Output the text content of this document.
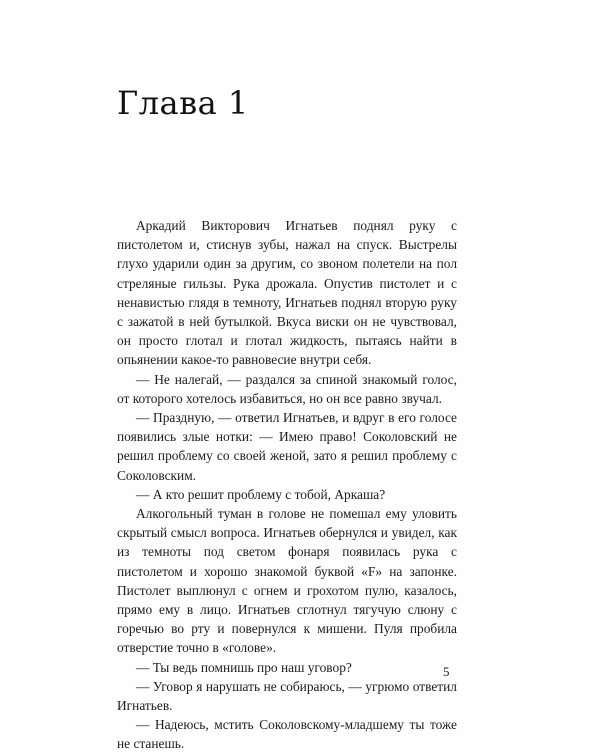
Глава 1

Аркадий Викторович Игнатьев поднял руку с пистолетом и, стиснув зубы, нажал на спуск. Выстрелы глухо ударили один за другим, со звоном полетели на пол стреляные гильзы. Рука дрожала. Опустив пистолет и с ненавистью глядя в темноту, Игнатьев поднял вторую руку с зажатой в ней бутылкой. Вкуса виски он не чувствовал, он просто глотал и глотал жидкость, пытаясь найти в опьянении какое-то равновесие внутри себя.

— Не налегай, — раздался за спиной знакомый голос, от которого хотелось избавиться, но он все равно звучал.

— Праздную, — ответил Игнатьев, и вдруг в его голосе появились злые нотки: — Имею право! Соколовский не решил проблему со своей женой, зато я решил проблему с Соколовским.

— А кто решит проблему с тобой, Аркаша?

Алкогольный туман в голове не помешал ему уловить скрытый смысл вопроса. Игнатьев обернулся и увидел, как из темноты под светом фонаря появилась рука с пистолетом и хорошо знакомой буквой «F» на запонке. Пистолет выплюнул с огнем и грохотом пулю, казалось, прямо ему в лицо. Игнатьев сглотнул тягучую слюну с горечью во рту и повернулся к мишени. Пуля пробила отверстие точно в «голове».

— Ты ведь помнишь про наш уговор?

— Уговор я нарушать не собираюсь, — угрюмо ответил Игнатьев.

— Надеюсь, мстить Соколовскому-младшему ты тоже не станешь.

5
